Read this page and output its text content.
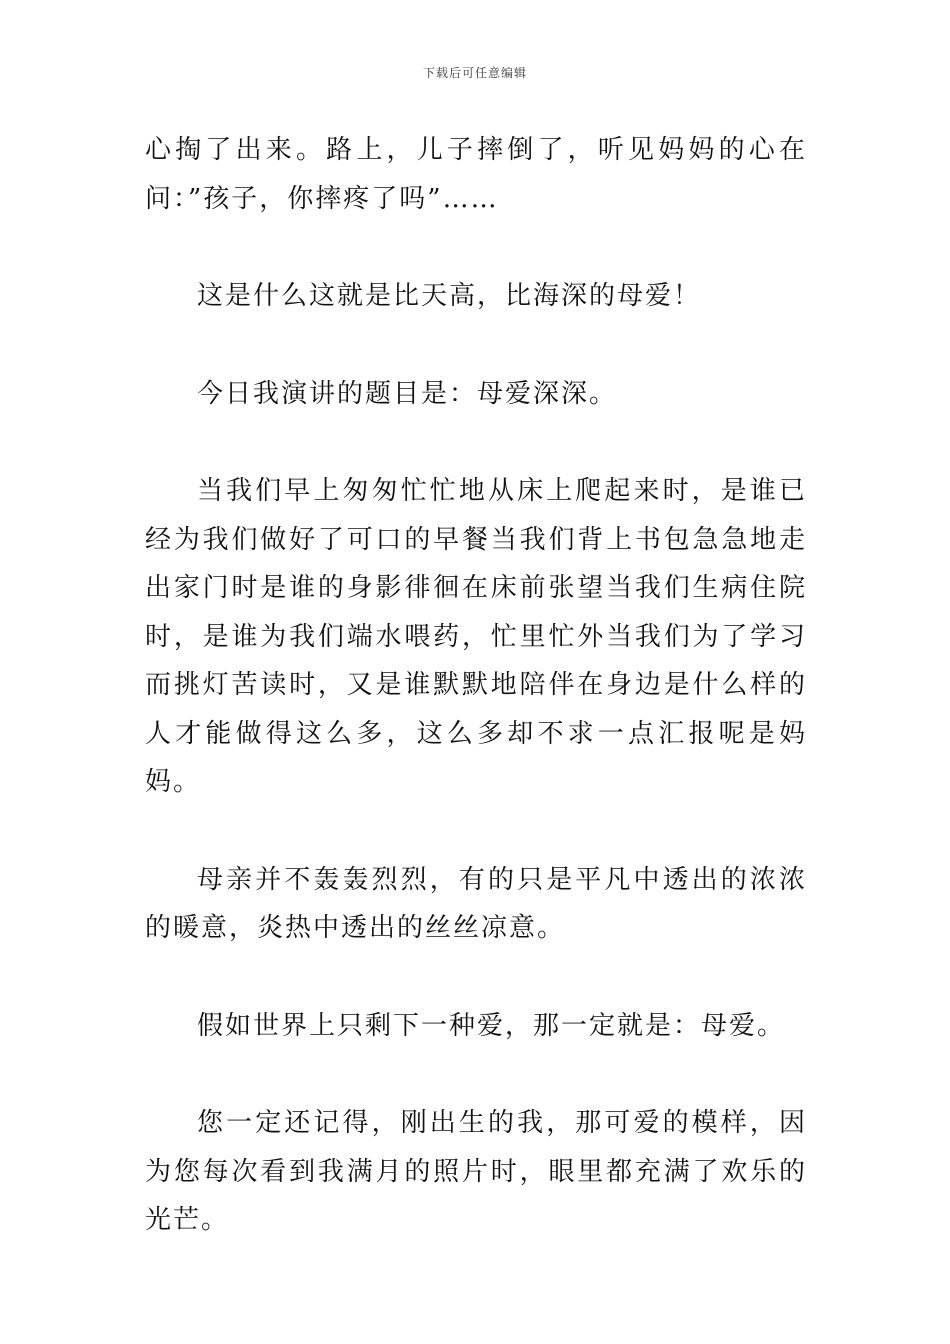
下载后可任意编辑

心掏了出来。路上，儿子摔倒了，听见妈妈的心在问：”孩子，你摔疼了吗”……

这是什么这就是比天高，比海深的母爱！

今日我演讲的题目是：母爱深深。

当我们早上匆匆忙忙地从床上爬起来时，是谁已经为我们做好了可口的早餐当我们背上书包急急地走出家门时是谁的身影徘徊在床前张望当我们生病住院时，是谁为我们端水喂药，忙里忙外当我们为了学习而挑灯苦读时，又是谁默默地陪伴在身边是什么样的人才能做得这么多，这么多却不求一点汇报呢是妈妈。

母亲并不轰轰烈烈，有的只是平凡中透出的浓浓的暖意，炎热中透出的丝丝凉意。

假如世界上只剩下一种爱，那一定就是：母爱。

您一定还记得，刚出生的我，那可爱的模样，因为您每次看到我满月的照片时，眼里都充满了欢乐的光芒。
